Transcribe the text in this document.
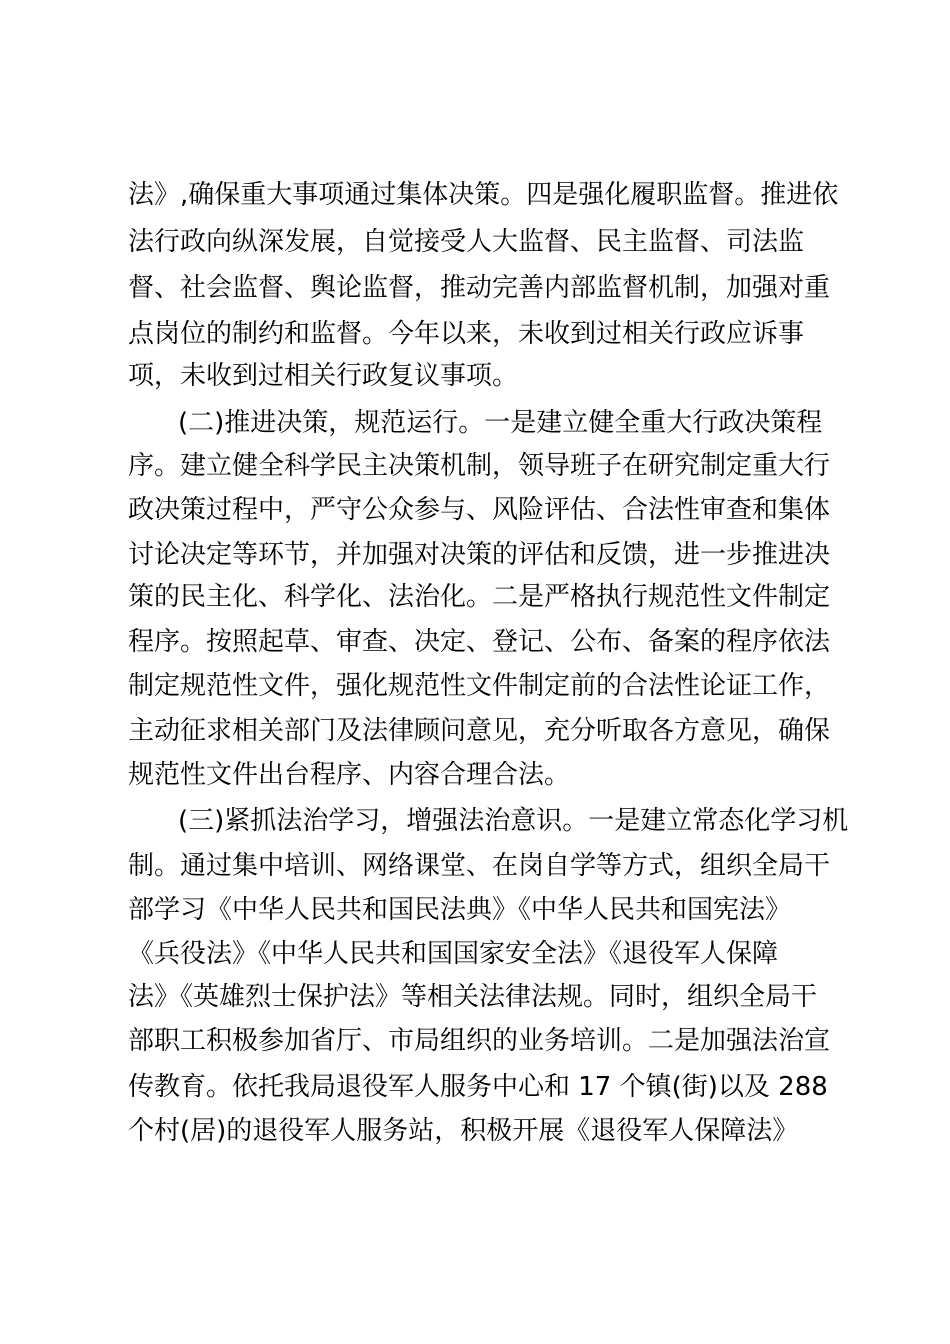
法》,确保重大事项通过集体决策。四是强化履职监督。推进依

法行政向纵深发展，自觉接受人大监督、民主监督、司法监

督、社会监督、舆论监督，推动完善内部监督机制，加强对重

点岗位的制约和监督。今年以来，未收到过相关行政应诉事

项，未收到过相关行政复议事项。

(二)推进决策，规范运行。一是建立健全重大行政决策程

序。建立健全科学民主决策机制，领导班子在研究制定重大行

政决策过程中，严守公众参与、风险评估、合法性审查和集体

讨论决定等环节，并加强对决策的评估和反馈，进一步推进决

策的民主化、科学化、法治化。二是严格执行规范性文件制定

程序。按照起草、审查、决定、登记、公布、备案的程序依法

制定规范性文件，强化规范性文件制定前的合法性论证工作，

主动征求相关部门及法律顾问意见，充分听取各方意见，确保

规范性文件出台程序、内容合理合法。

(三)紧抓法治学习，增强法治意识。一是建立常态化学习机

制。通过集中培训、网络课堂、在岗自学等方式，组织全局干

部学习《中华人民共和国民法典》《中华人民共和国宪法》

《兵役法》《中华人民共和国国家安全法》《退役军人保障

法》《英雄烈士保护法》等相关法律法规。同时，组织全局干

部职工积极参加省厅、市局组织的业务培训。二是加强法治宣

传教育。依托我局退役军人服务中心和 17 个镇(街)以及 288

个村(居)的退役军人服务站，积极开展《退役军人保障法》
